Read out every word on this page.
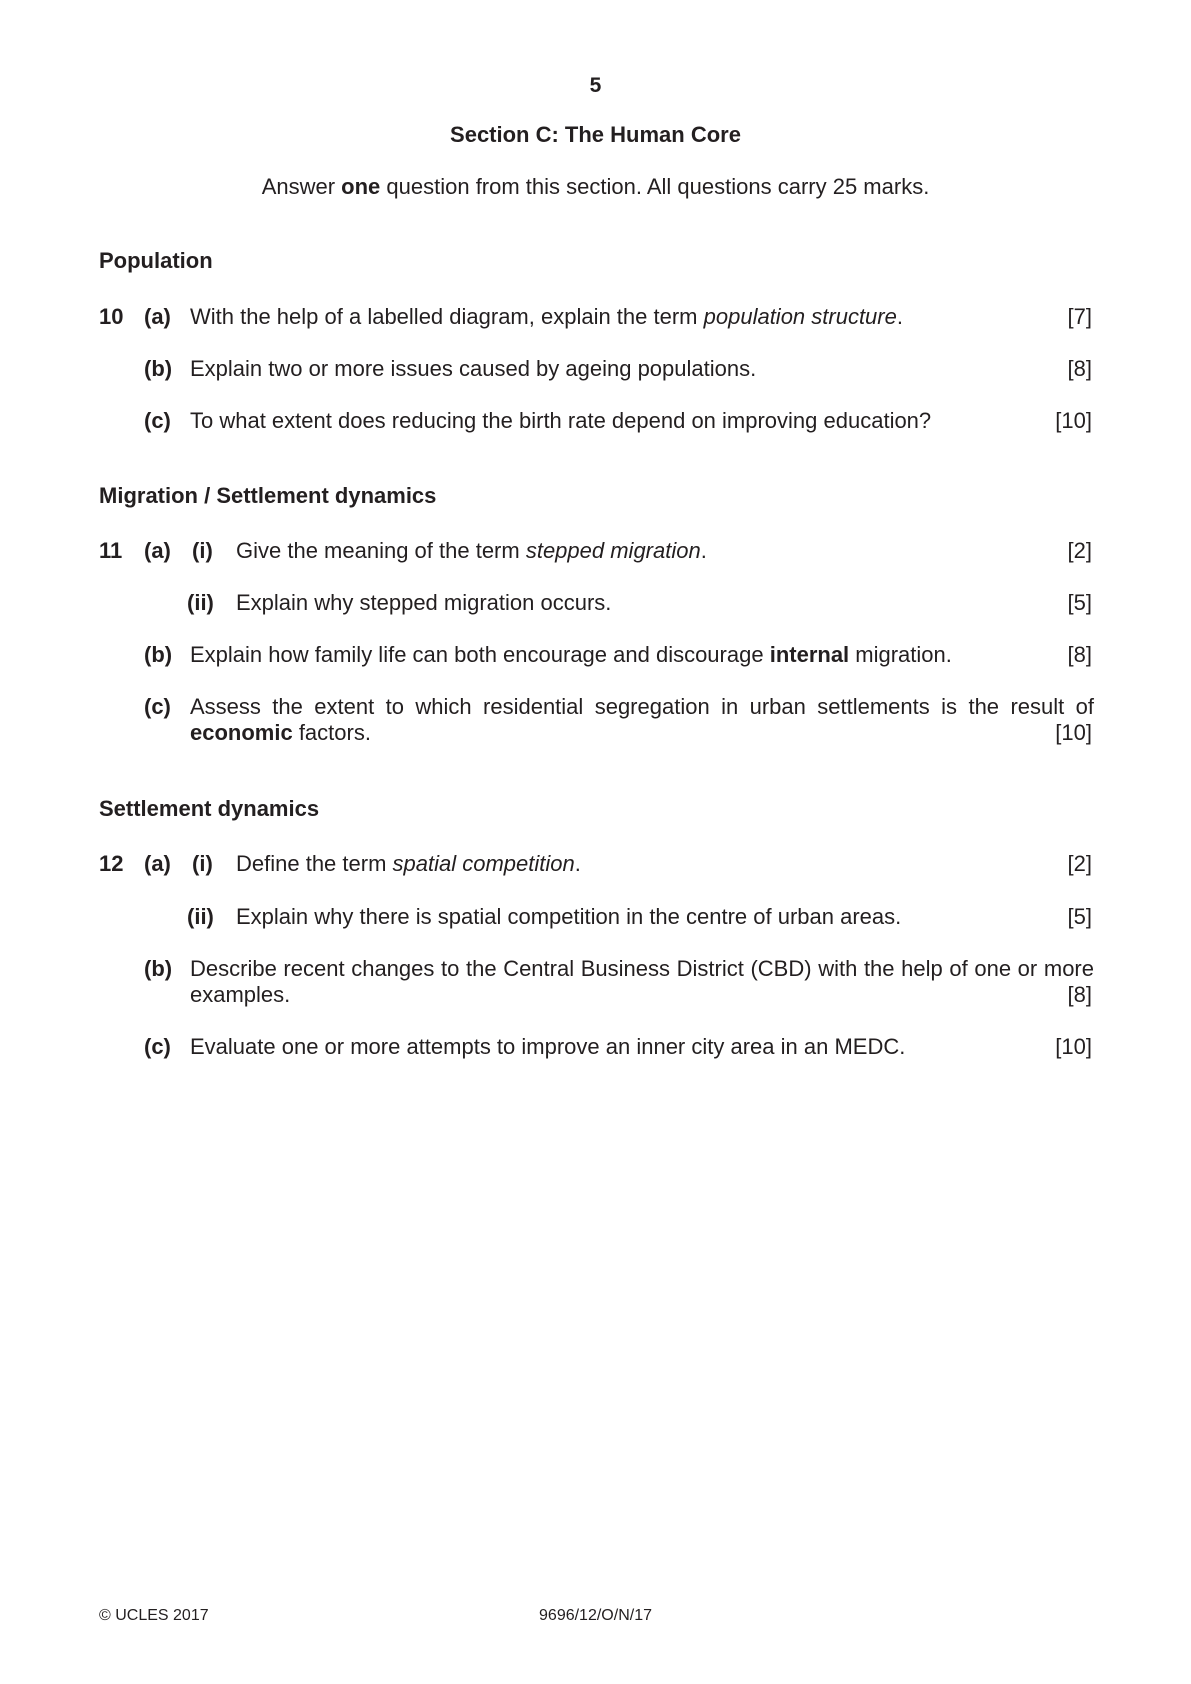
5
Section C: The Human Core
Answer one question from this section. All questions carry 25 marks.
Population
10 (a) With the help of a labelled diagram, explain the term population structure.	[7]
(b) Explain two or more issues caused by ageing populations.	[8]
(c) To what extent does reducing the birth rate depend on improving education?	[10]
Migration / Settlement dynamics
11 (a) (i) Give the meaning of the term stepped migration.	[2]
(ii) Explain why stepped migration occurs.	[5]
(b) Explain how family life can both encourage and discourage internal migration.	[8]
(c) Assess the extent to which residential segregation in urban settlements is the result of
economic factors.	[10]
Settlement dynamics
12 (a) (i) Define the term spatial competition.	[2]
(ii) Explain why there is spatial competition in the centre of urban areas.	[5]
(b) Describe recent changes to the Central Business District (CBD) with the help of one or more
examples.	[8]
(c) Evaluate one or more attempts to improve an inner city area in an MEDC.	[10]
© UCLES 2017	9696/12/O/N/17
